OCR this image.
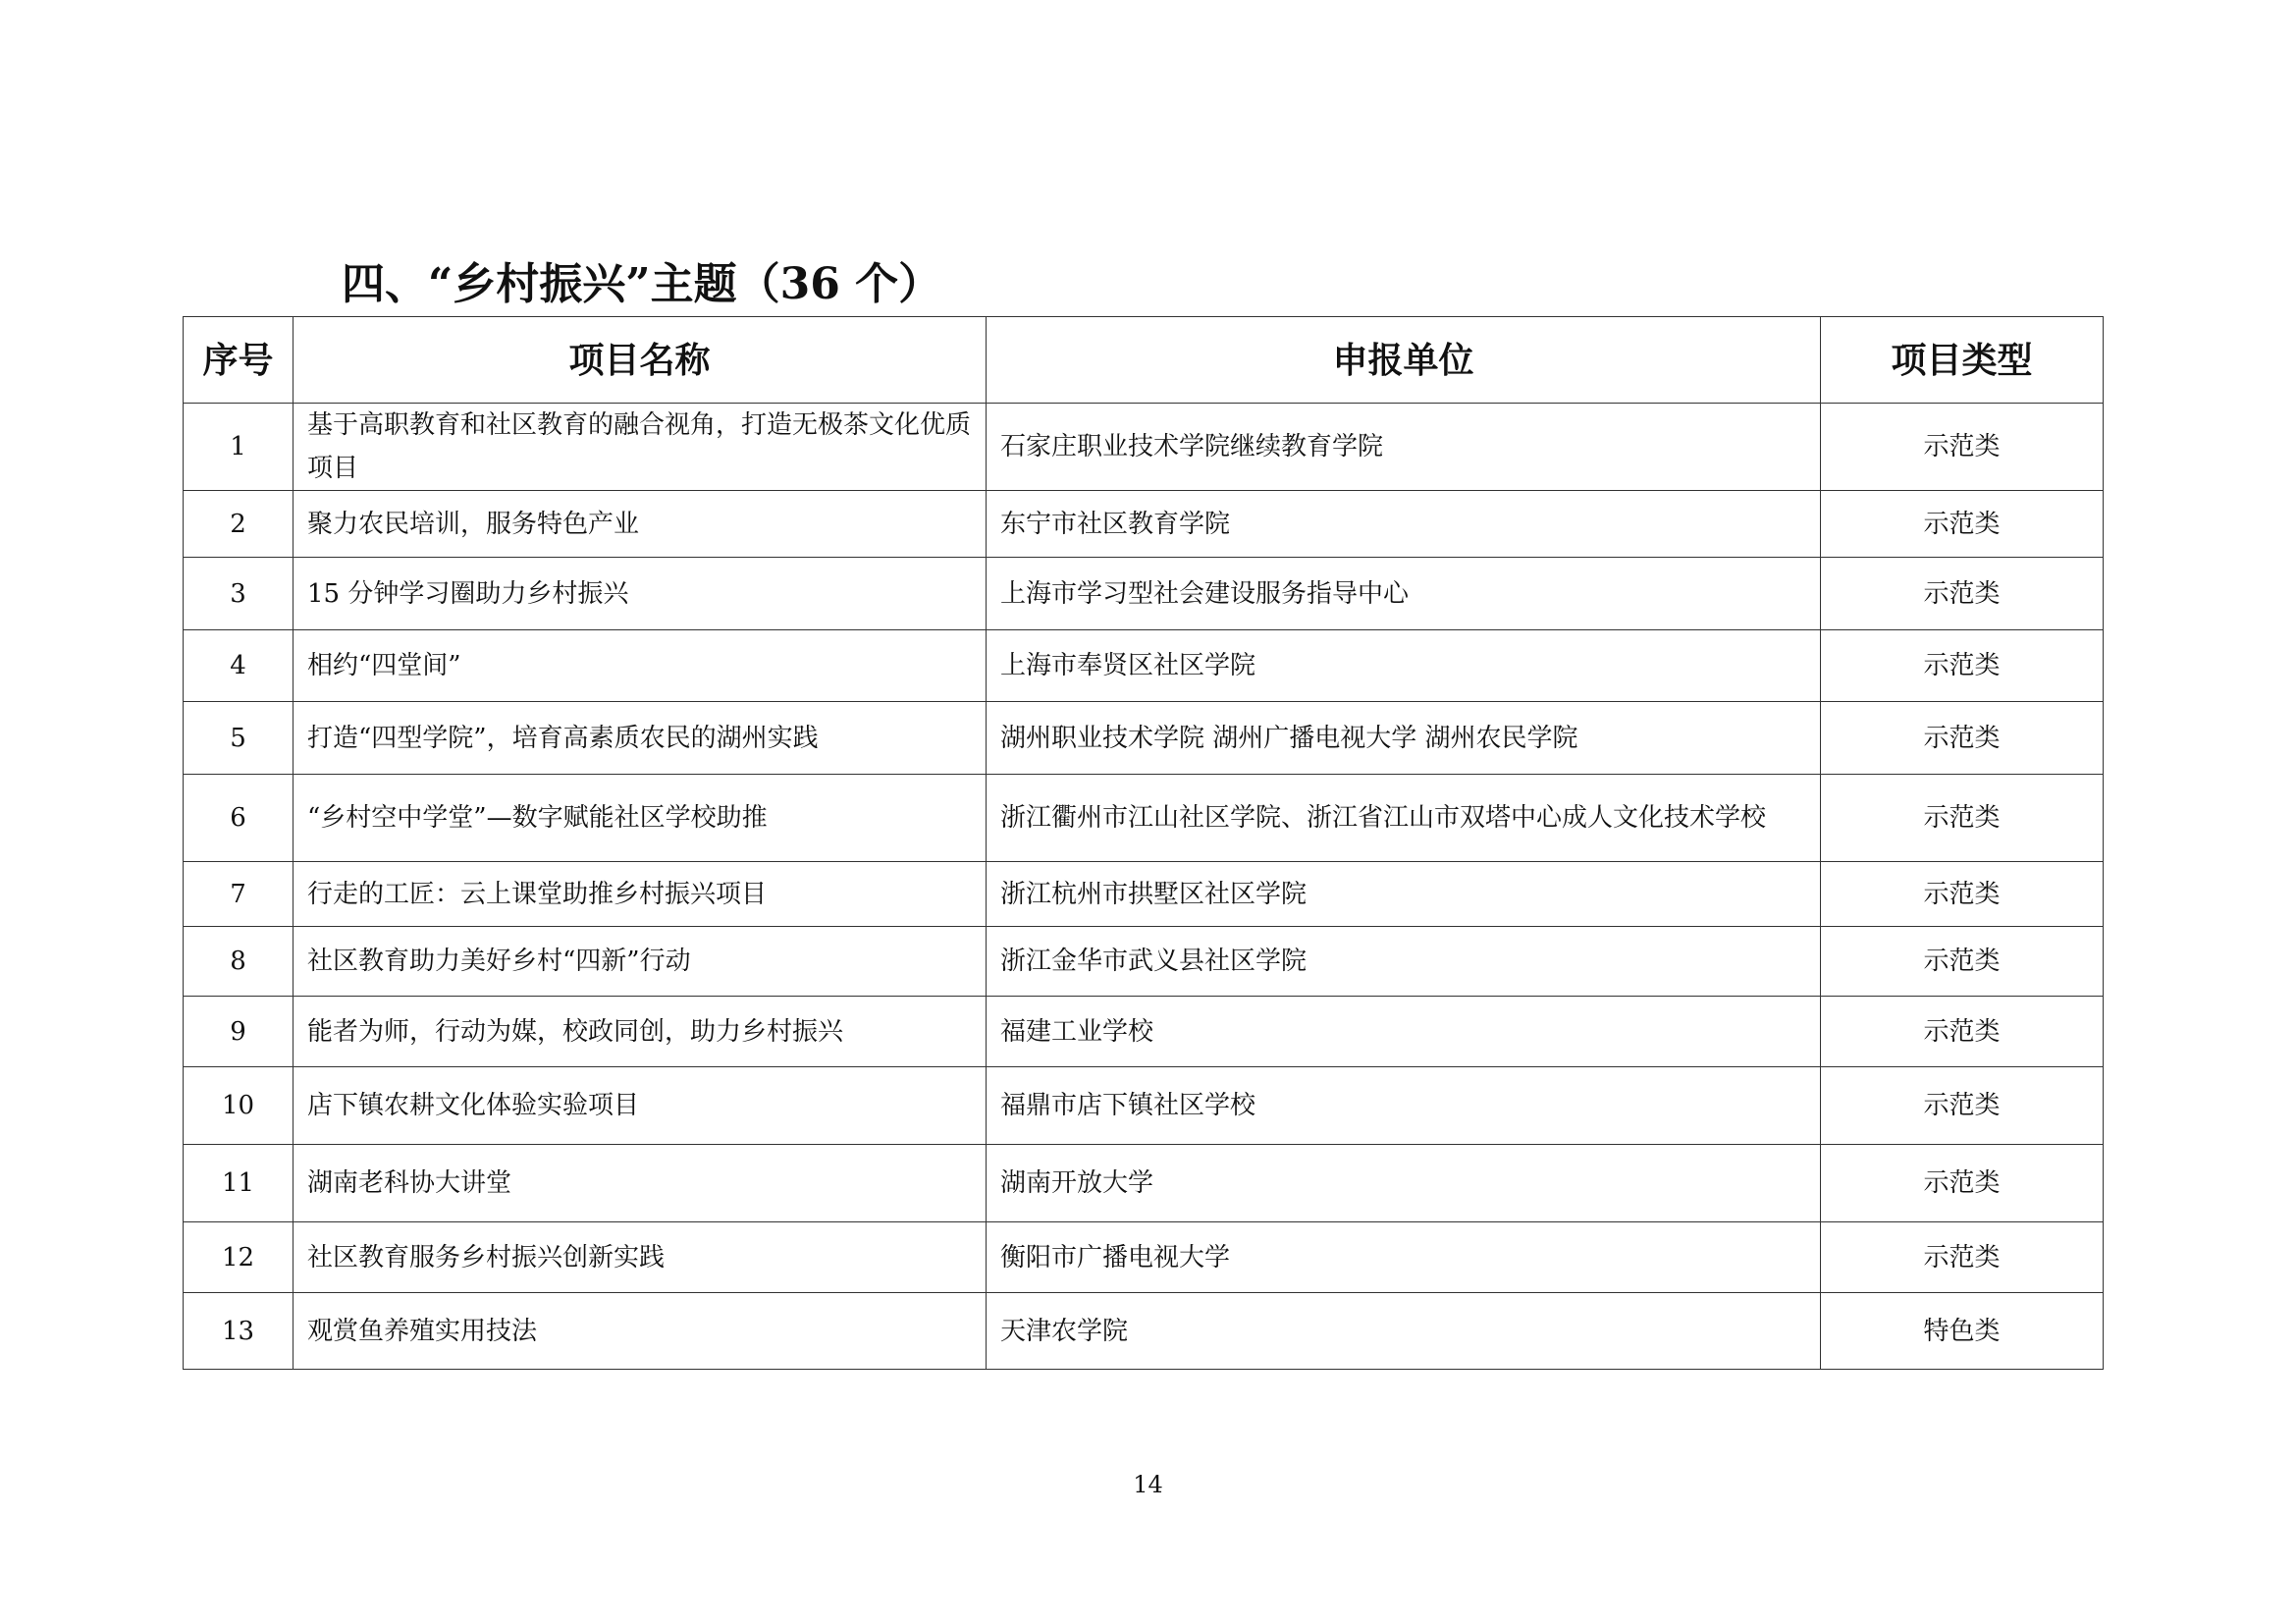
四、“乡村振兴”主题（36 个）
序号	项目名称	申报单位	项目类型
1	基于高职教育和社区教育的融合视角，打造无极茶文化优质项目	石家庄职业技术学院继续教育学院	示范类
2	聚力农民培训，服务特色产业	东宁市社区教育学院	示范类
3	15 分钟学习圈助力乡村振兴	上海市学习型社会建设服务指导中心	示范类
4	相约“四堂间”	上海市奉贤区社区学院	示范类
5	打造“四型学院”，培育高素质农民的湖州实践	湖州职业技术学院 湖州广播电视大学 湖州农民学院	示范类
6	“乡村空中学堂”—数字赋能社区学校助推	浙江衢州市江山社区学院、浙江省江山市双塔中心成人文化技术学校	示范类
7	行走的工匠：云上课堂助推乡村振兴项目	浙江杭州市拱墅区社区学院	示范类
8	社区教育助力美好乡村“四新”行动	浙江金华市武义县社区学院	示范类
9	能者为师，行动为媒，校政同创，助力乡村振兴	福建工业学校	示范类
10	店下镇农耕文化体验实验项目	福鼎市店下镇社区学校	示范类
11	湖南老科协大讲堂	湖南开放大学	示范类
12	社区教育服务乡村振兴创新实践	衡阳市广播电视大学	示范类
13	观赏鱼养殖实用技法	天津农学院	特色类
14
